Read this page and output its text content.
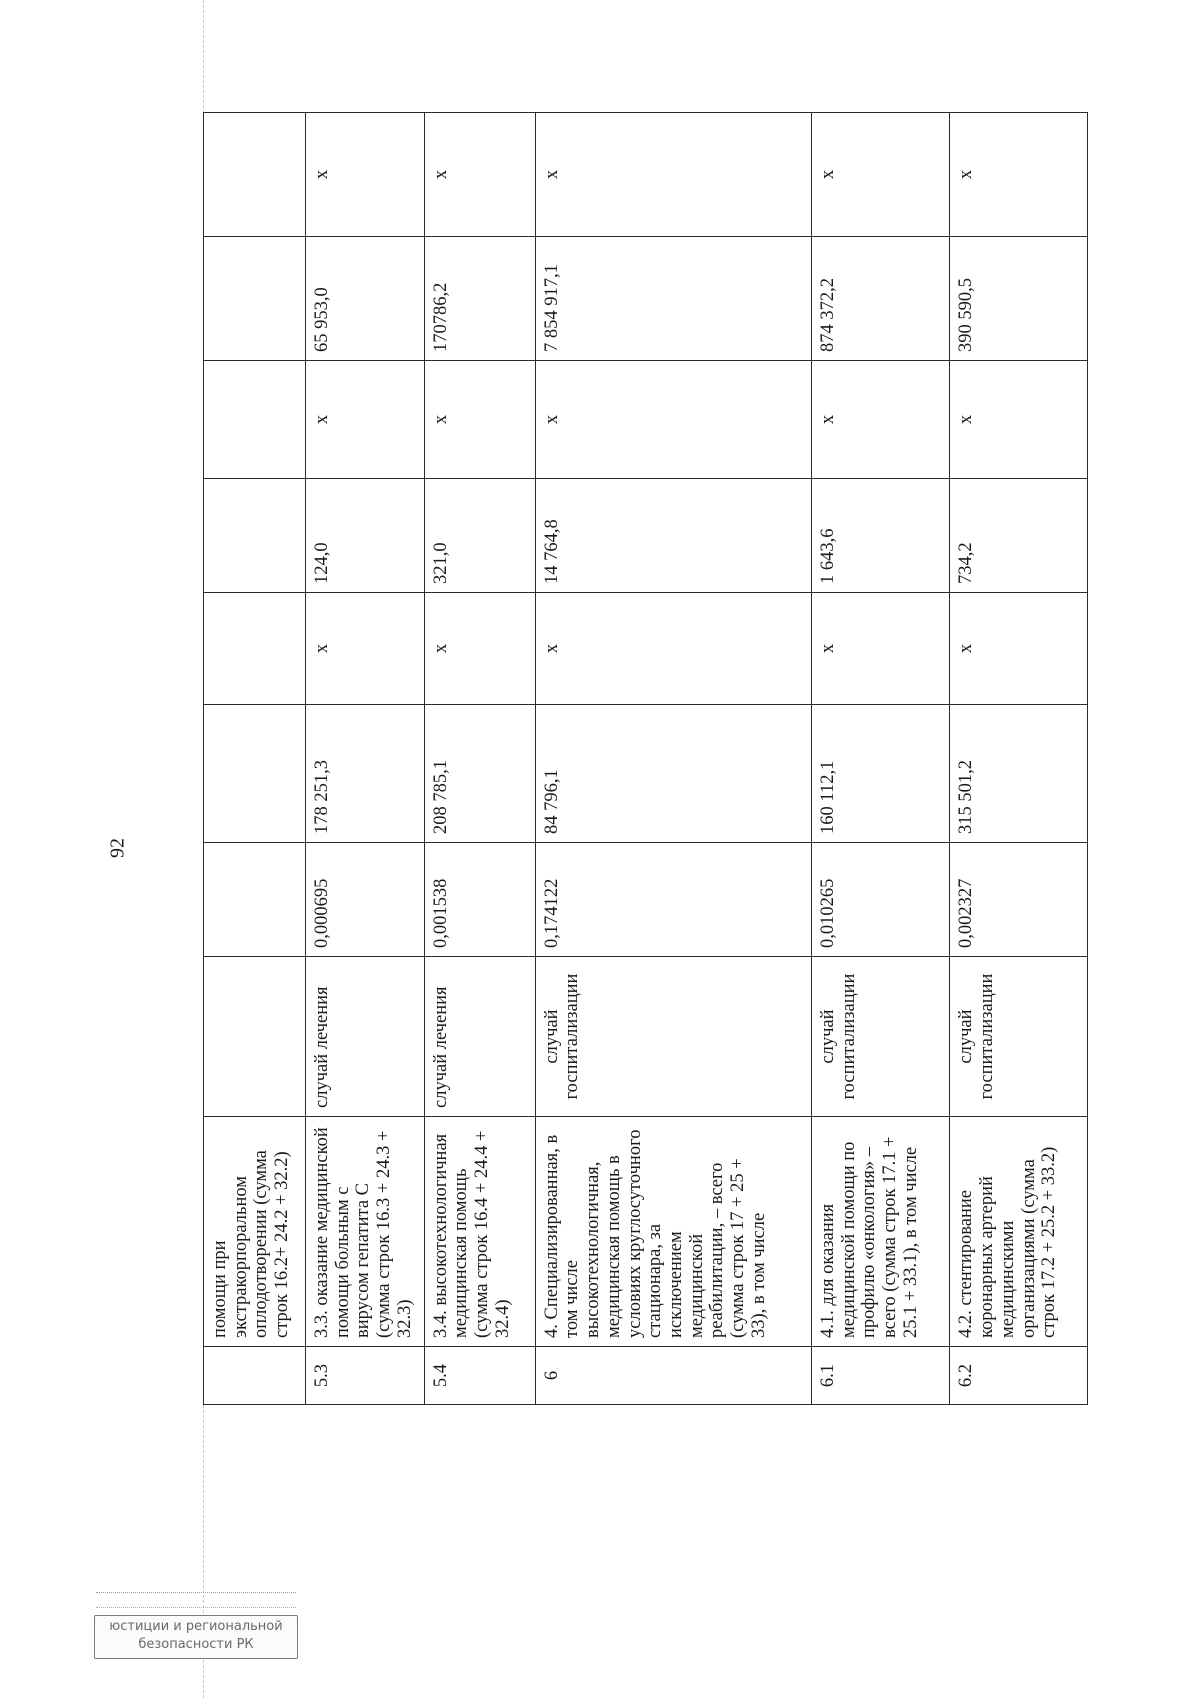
92
	помощи при экстракорпоральном оплодотворении (сумма строк 16.2+ 24.2 + 32.2)								
5.3	3.3. оказание медицинской помощи больным с вирусом гепатита С (сумма строк 16.3 + 24.3 + 32.3)	случай лечения	0,000695	178 251,3	х	124,0	х	65 953,0	х
5.4	3.4. высокотехнологичная медицинская помощь (сумма строк 16.4 + 24.4 + 32.4)	случай лечения	0,001538	208 785,1	х	321,0	х	170786,2	х
6	4. Специализированная, в том числе высокотехнологичная, медицинская помощь в условиях круглосуточного стационара, за исключением медицинской реабилитации, – всего (сумма строк 17 + 25 + 33), в том числе	случай госпитализации	0,174122	84 796,1	х	14 764,8	х	7 854 917,1	х
6.1	4.1. для оказания медицинской помощи по профилю «онкология» – всего (сумма строк 17.1 + 25.1 + 33.1), в том числе	случай госпитализации	0,010265	160 112,1	х	1 643,6	х	874 372,2	х
6.2	4.2. стентирование коронарных артерий медицинскими организациями (сумма строк 17.2 + 25.2 + 33.2)	случай госпитализации	0,002327	315 501,2	х	734,2	х	390 590,5	х
юстиции и региональной
безопасности РК
